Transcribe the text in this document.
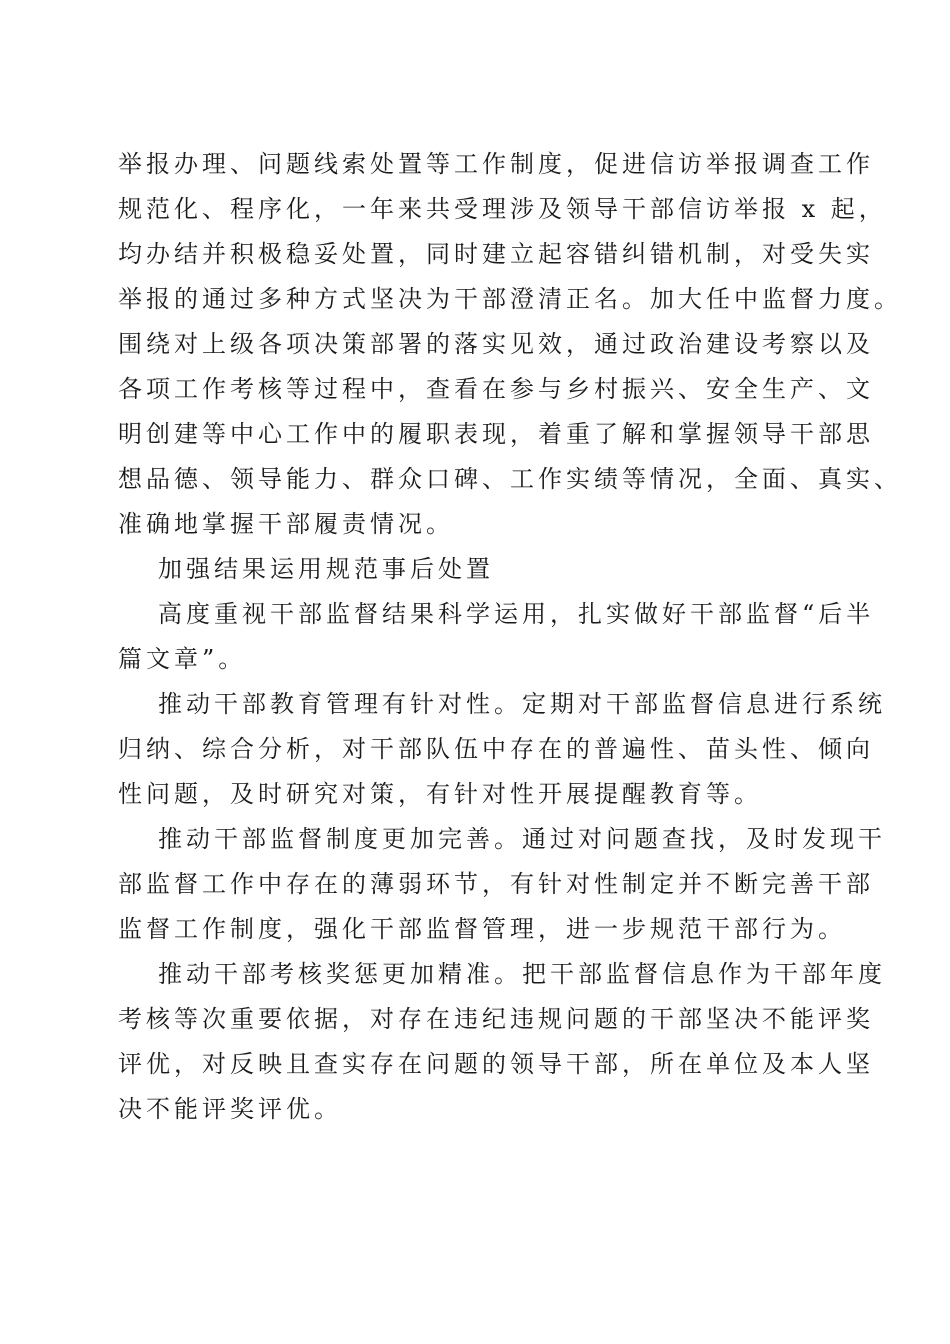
举报办理、问题线索处置等工作制度，促进信访举报调查工作
规范化、程序化，一年来共受理涉及领导干部信访举报 x 起，
均办结并积极稳妥处置，同时建立起容错纠错机制，对受失实
举报的通过多种方式坚决为干部澄清正名。加大任中监督力度。
围绕对上级各项决策部署的落实见效，通过政治建设考察以及
各项工作考核等过程中，查看在参与乡村振兴、安全生产、文
明创建等中心工作中的履职表现，着重了解和掌握领导干部思
想品德、领导能力、群众口碑、工作实绩等情况，全面、真实、
准确地掌握干部履责情况。
加强结果运用规范事后处置
高度重视干部监督结果科学运用，扎实做好干部监督“后半
篇文章”。
推动干部教育管理有针对性。定期对干部监督信息进行系统
归纳、综合分析，对干部队伍中存在的普遍性、苗头性、倾向
性问题，及时研究对策，有针对性开展提醒教育等。
推动干部监督制度更加完善。通过对问题查找，及时发现干
部监督工作中存在的薄弱环节，有针对性制定并不断完善干部
监督工作制度，强化干部监督管理，进一步规范干部行为。
推动干部考核奖惩更加精准。把干部监督信息作为干部年度
考核等次重要依据，对存在违纪违规问题的干部坚决不能评奖
评优，对反映且查实存在问题的领导干部，所在单位及本人坚
决不能评奖评优。
